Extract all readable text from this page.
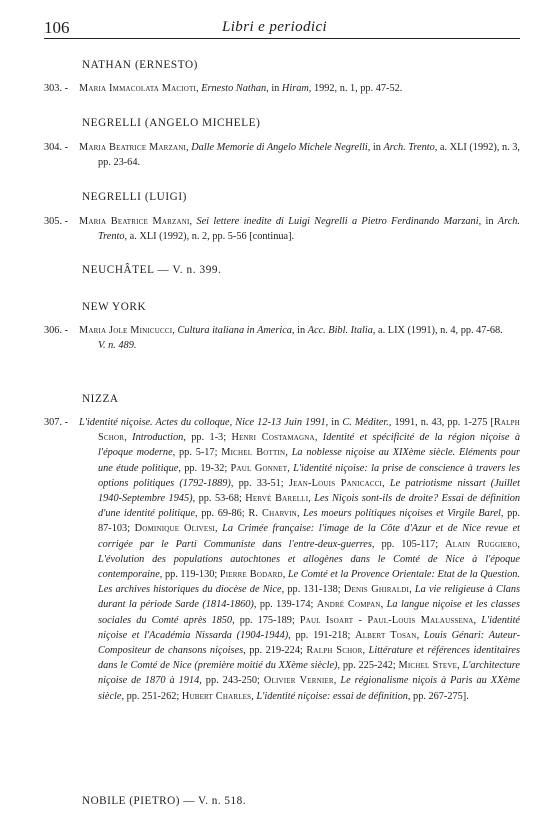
106	Libri e periodici
NATHAN (ERNESTO)
303. - Maria Immacolata Macioti, Ernesto Nathan, in Hiram, 1992, n. 1, pp. 47-52.
NEGRELLI (ANGELO MICHELE)
304. - Maria Beatrice Marzani, Dalle Memorie di Angelo Michele Negrelli, in Arch. Trento, a. XLI (1992), n. 3, pp. 23-64.
NEGRELLI (LUIGI)
305. - Maria Beatrice Marzani, Sei lettere inedite di Luigi Negrelli a Pietro Ferdinando Marzani, in Arch. Trento, a. XLI (1992), n. 2, pp. 5-56 [continua].
NEUCHÂTEL — V. n. 399.
NEW YORK
306. - Maria Jole Minicucci, Cultura italiana in America, in Acc. Bibl. Italia, a. LIX (1991), n. 4, pp. 47-68.
V. n. 489.
NIZZA
307. - L'identité niçoise. Actes du colloque, Nice 12-13 Juin 1991, in C. Méditer., 1991, n. 43, pp. 1-275 [Ralph Schor, Introduction, pp. 1-3; Henri Costamagna, Identité et spécificité de la région niçoise à l'époque moderne, pp. 5-17; Michel Bottin, La noblesse niçoise au XIXème siècle. Eléments pour une étude politique, pp. 19-32; Paul Gonnet, L'identité niçoise: la prise de conscience à travers les options politiques (1792-1889), pp. 33-51; Jean-Louis Panicacci, Le patriotisme nissart (Juillet 1940-Septembre 1945), pp. 53-68; Hervé Barelli, Les Niçois sont-ils de droite? Essai de définition d'une identité politique, pp. 69-86; R. Charvin, Les moeurs politiques niçoises et Virgile Barel, pp. 87-103; Dominique Olivesi, La Crimée française: l'image de la Côte d'Azur et de Nice revue et corrigée par le Parti Communiste dans l'entre-deux-guerres, pp. 105-117; Alain Ruggiero, L'évolution des populations autochtones et allogènes dans le Comté de Nice à l'époque contemporaine, pp. 119-130; Pierre Bodard, Le Comté et la Provence Orientale: Etat de la Question. Les archives historiques du diocèse de Nice, pp. 131-138; Denis Ghiraldi, La vie religieuse à Clans durant la période Sarde (1814-1860), pp. 139-174; André Compan, La langue niçoise et les classes sociales du Comté après 1850, pp. 175-189; Paul Isoart - Paul-Louis Malaussena, L'identité niçoise et l'Académia Nissarda (1904-1944), pp. 191-218; Albert Tosan, Louis Génari: Auteur-Compositeur de chansons niçoises, pp. 219-224; Ralph Schor, Littérature et références identitaires dans le Comté de Nice (première moitié du XXème siècle), pp. 225-242; Michel Steve, L'architecture niçoise de 1870 à 1914, pp. 243-250; Olivier Vernier, Le régionalisme niçois à Paris au XXème siècle, pp. 251-262; Hubert Charles, L'identité niçoise: essai de définition, pp. 267-275].
NOBILE (PIETRO) — V. n. 518.
